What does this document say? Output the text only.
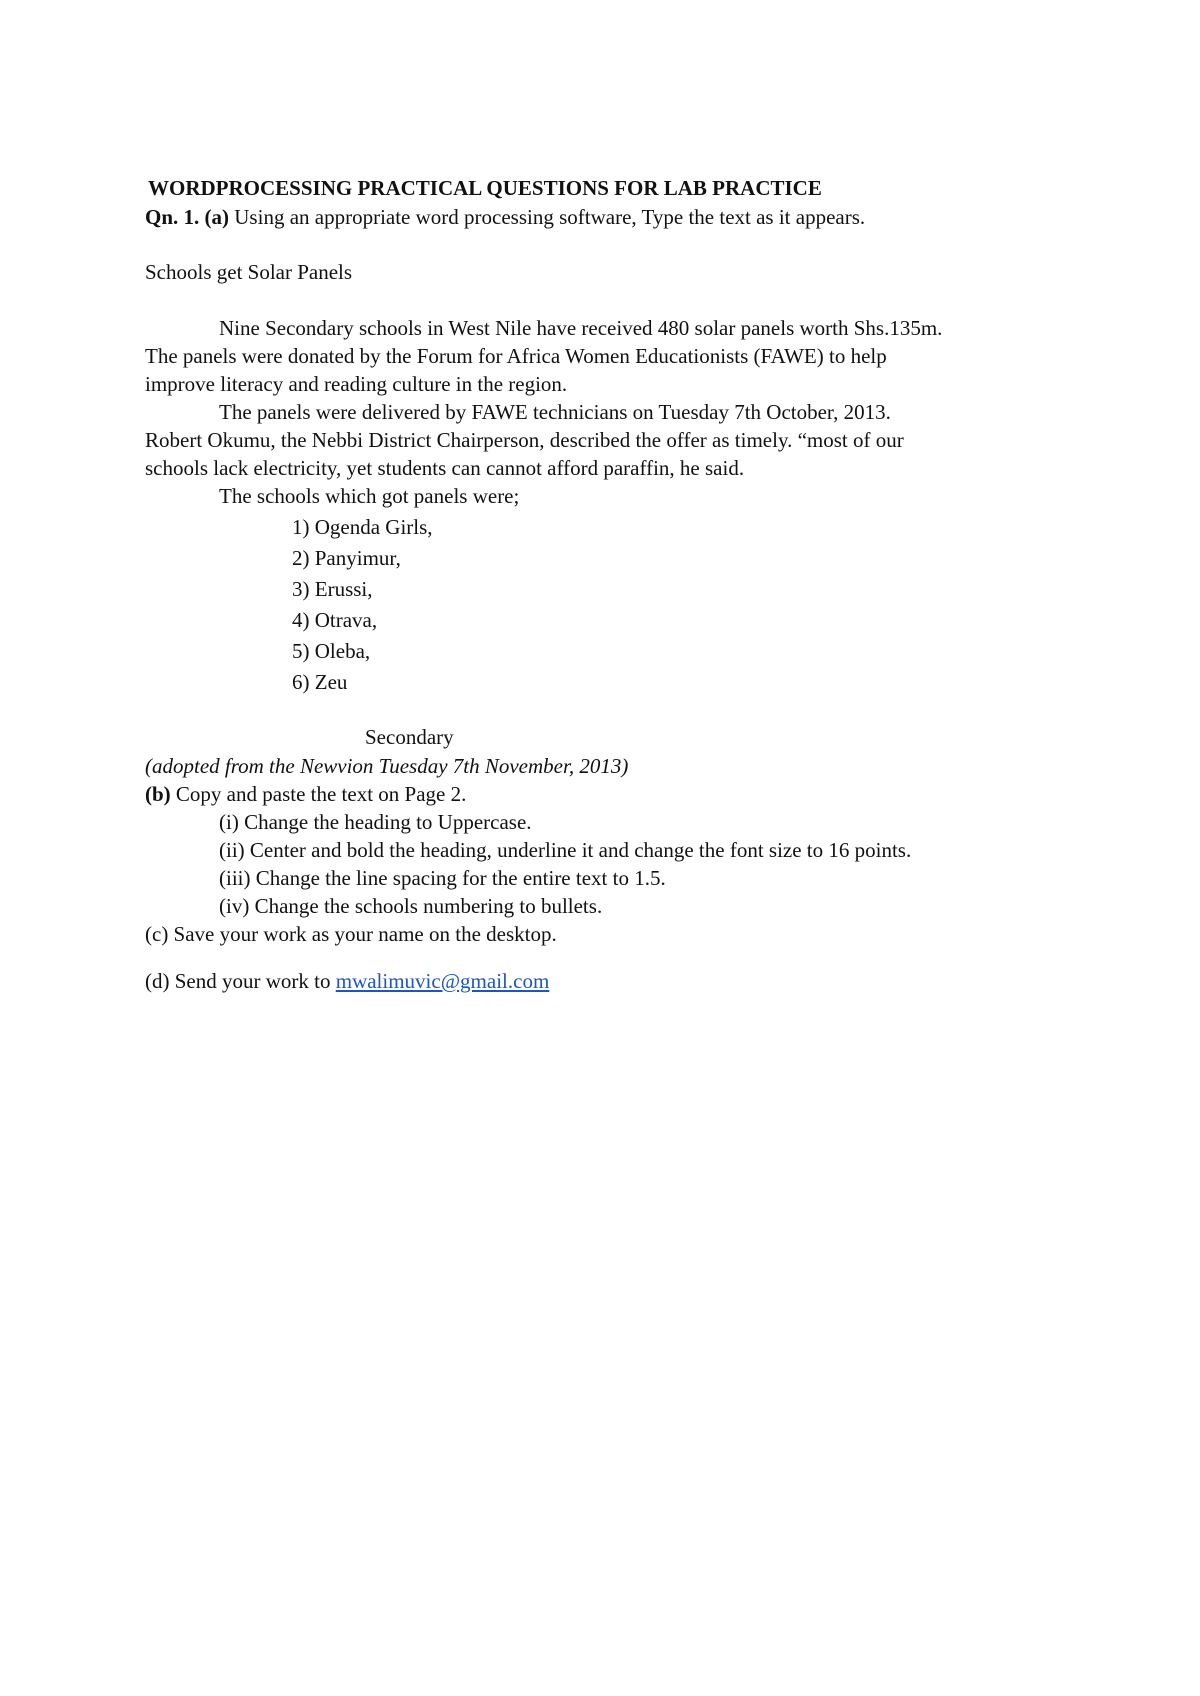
WORDPROCESSING PRACTICAL QUESTIONS FOR LAB PRACTICE
Qn. 1. (a) Using an appropriate word processing software, Type the text as it appears.
Schools get Solar Panels
Nine Secondary schools in West Nile have received 480 solar panels worth Shs.135m.
The panels were donated by the Forum for Africa Women Educationists (FAWE) to help
improve literacy and reading culture in the region.
The panels were delivered by FAWE technicians on Tuesday 7th October, 2013.
Robert Okumu, the Nebbi District Chairperson, described the offer as timely. “most of our
schools lack electricity, yet students can cannot afford paraffin, he said.
The schools which got panels were;
1) Ogenda Girls,
2) Panyimur,
3) Erussi,
4) Otrava,
5) Oleba,
6) Zeu
Secondary
(adopted from the Newvion Tuesday 7th November, 2013)
(b) Copy and paste the text on Page 2.
(i) Change the heading to Uppercase.
(ii) Center and bold the heading, underline it and change the font size to 16 points.
(iii) Change the line spacing for the entire text to 1.5.
(iv) Change the schools numbering to bullets.
(c) Save your work as your name on the desktop.
(d) Send your work to mwalimuvic@gmail.com
